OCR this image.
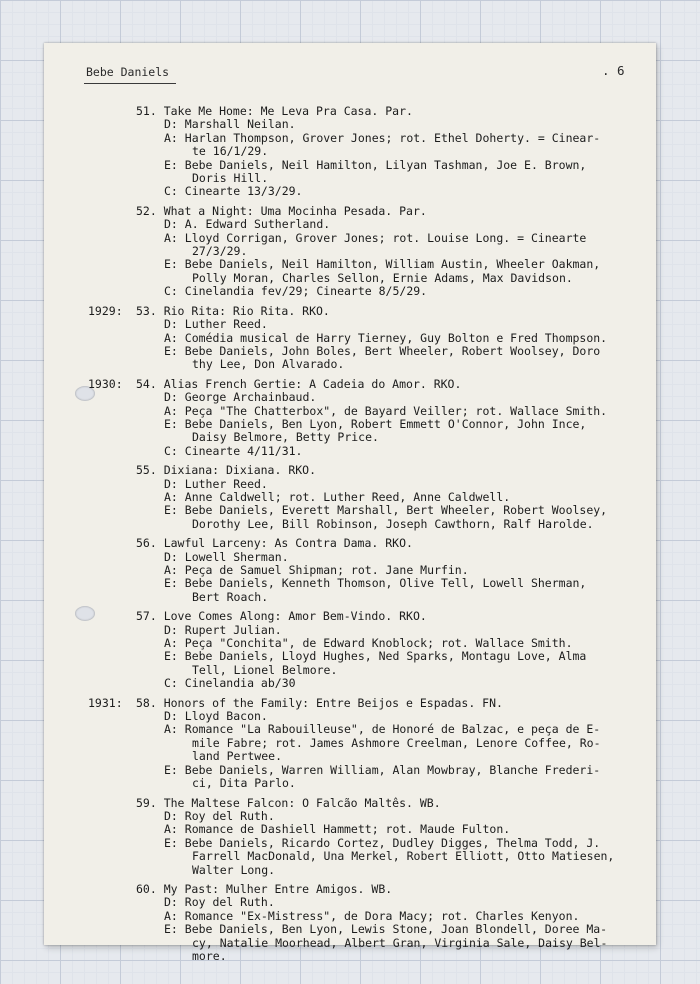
Bebe Daniels	. 6
51. Take Me Home: Me Leva Pra Casa. Par.
D: Marshall Neilan.
A: Harlan Thompson, Grover Jones; rot. Ethel Doherty. = Cinear-
te 16/1/29.
E: Bebe Daniels, Neil Hamilton, Lilyan Tashman, Joe E. Brown,
Doris Hill.
C: Cinearte 13/3/29.
52. What a Night: Uma Mocinha Pesada. Par.
D: A. Edward Sutherland.
A: Lloyd Corrigan, Grover Jones; rot. Louise Long. = Cinearte
27/3/29.
E: Bebe Daniels, Neil Hamilton, William Austin, Wheeler Oakman,
Polly Moran, Charles Sellon, Ernie Adams, Max Davidson.
C: Cinelandia fev/29; Cinearte 8/5/29.
1929: 53. Rio Rita: Rio Rita. RKO.
D: Luther Reed.
A: Comédia musical de Harry Tierney, Guy Bolton e Fred Thompson.
E: Bebe Daniels, John Boles, Bert Wheeler, Robert Woolsey, Doro
thy Lee, Don Alvarado.
1930: 54. Alias French Gertie: A Cadeia do Amor. RKO.
D: George Archainbaud.
A: Peça "The Chatterbox", de Bayard Veiller; rot. Wallace Smith.
E: Bebe Daniels, Ben Lyon, Robert Emmett O'Connor, John Ince,
Daisy Belmore, Betty Price.
C: Cinearte 4/11/31.
55. Dixiana: Dixiana. RKO.
D: Luther Reed.
A: Anne Caldwell; rot. Luther Reed, Anne Caldwell.
E: Bebe Daniels, Everett Marshall, Bert Wheeler, Robert Woolsey,
Dorothy Lee, Bill Robinson, Joseph Cawthorn, Ralf Harolde.
56. Lawful Larceny: As Contra Dama. RKO.
D: Lowell Sherman.
A: Peça de Samuel Shipman; rot. Jane Murfin.
E: Bebe Daniels, Kenneth Thomson, Olive Tell, Lowell Sherman,
Bert Roach.
57. Love Comes Along: Amor Bem-Vindo. RKO.
D: Rupert Julian.
A: Peça "Conchita", de Edward Knoblock; rot. Wallace Smith.
E: Bebe Daniels, Lloyd Hughes, Ned Sparks, Montagu Love, Alma
Tell, Lionel Belmore.
C: Cinelandia ab/30
1931: 58. Honors of the Family: Entre Beijos e Espadas. FN.
D: Lloyd Bacon.
A: Romance "La Rabouilleuse", de Honoré de Balzac, e peça de E-
mile Fabre; rot. James Ashmore Creelman, Lenore Coffee, Ro-
land Pertwee.
E: Bebe Daniels, Warren William, Alan Mowbray, Blanche Frederi-
ci, Dita Parlo.
59. The Maltese Falcon: O Falcão Maltês. WB.
D: Roy del Ruth.
A: Romance de Dashiell Hammett; rot. Maude Fulton.
E: Bebe Daniels, Ricardo Cortez, Dudley Digges, Thelma Todd, J.
Farrell MacDonald, Una Merkel, Robert Elliott, Otto Matiesen,
Walter Long.
60. My Past: Mulher Entre Amigos. WB.
D: Roy del Ruth.
A: Romance "Ex-Mistress", de Dora Macy; rot. Charles Kenyon.
E: Bebe Daniels, Ben Lyon, Lewis Stone, Joan Blondell, Doree Ma-
cy, Natalie Moorhead, Albert Gran, Virginia Sale, Daisy Bel-
more.
